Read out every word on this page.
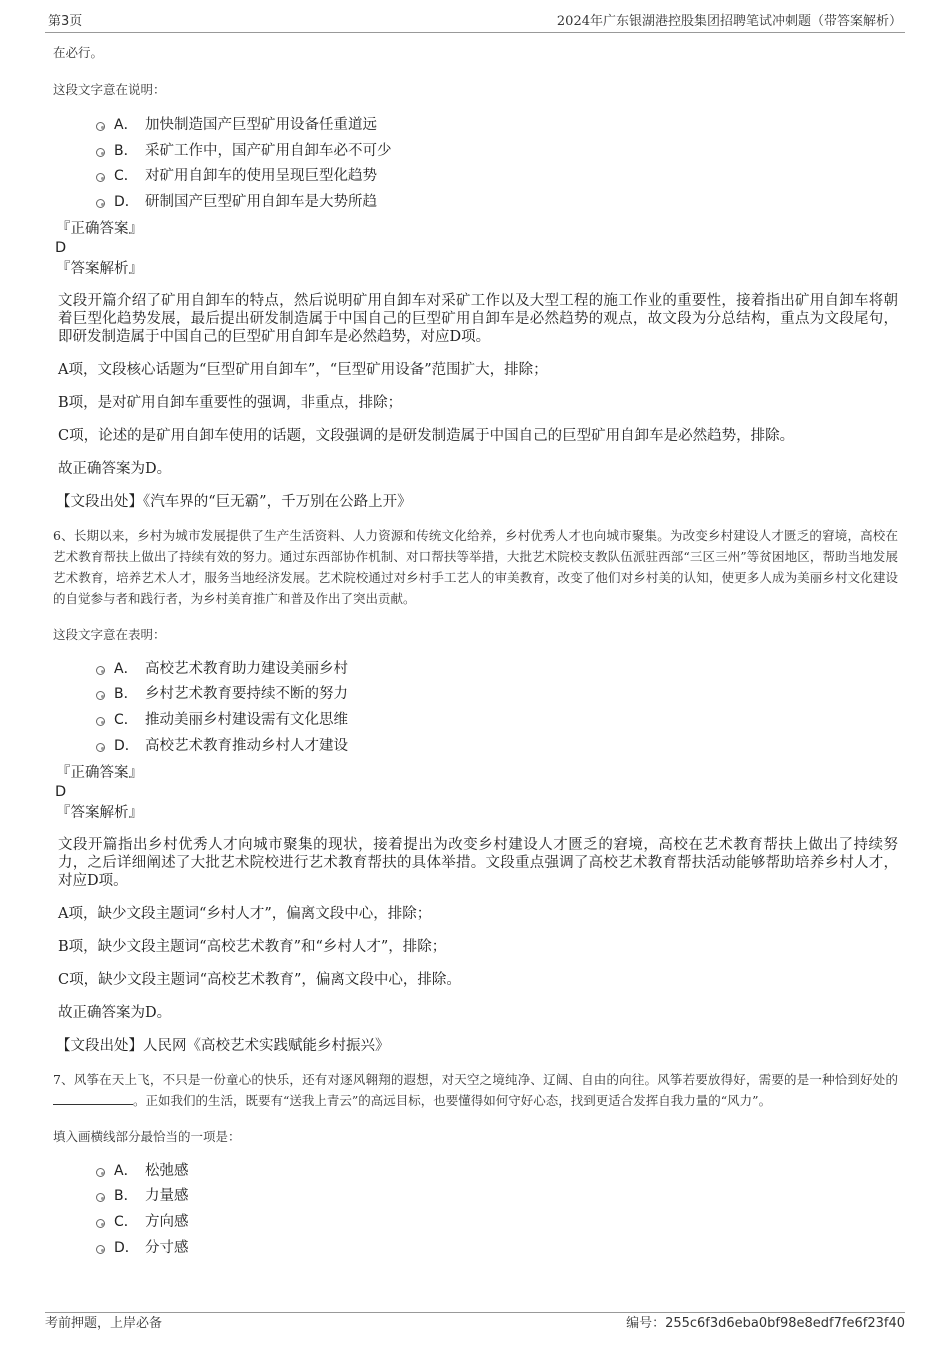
第3页	2024年广东银湖港控股集团招聘笔试冲刺题（带答案解析）

在必行。

这段文字意在说明：

A． 加快制造国产巨型矿用设备任重道远
B． 采矿工作中，国产矿用自卸车必不可少
C． 对矿用自卸车的使用呈现巨型化趋势
D． 研制国产巨型矿用自卸车是大势所趋

『正确答案』

D

『答案解析』

文段开篇介绍了矿用自卸车的特点，然后说明矿用自卸车对采矿工作以及大型工程的施工作业的重要性，接着指出矿用自卸车将朝着巨型化趋势发展，最后提出研发制造属于中国自己的巨型矿用自卸车是必然趋势的观点，故文段为分总结构，重点为文段尾句，即研发制造属于中国自己的巨型矿用自卸车是必然趋势，对应D项。

A项，文段核心话题为“巨型矿用自卸车”，“巨型矿用设备”范围扩大，排除；

B项，是对矿用自卸车重要性的强调，非重点，排除；

C项，论述的是矿用自卸车使用的话题，文段强调的是研发制造属于中国自己的巨型矿用自卸车是必然趋势，排除。

故正确答案为D。

【文段出处】《汽车界的“巨无霸”，千万别在公路上开》

6、长期以来，乡村为城市发展提供了生产生活资料、人力资源和传统文化给养，乡村优秀人才也向城市聚集。为改变乡村建设人才匮乏的窘境，高校在艺术教育帮扶上做出了持续有效的努力。通过东西部协作机制、对口帮扶等举措，大批艺术院校支教队伍派驻西部“三区三州”等贫困地区，帮助当地发展艺术教育，培养艺术人才，服务当地经济发展。艺术院校通过对乡村手工艺人的审美教育，改变了他们对乡村美的认知，使更多人成为美丽乡村文化建设的自觉参与者和践行者，为乡村美育推广和普及作出了突出贡献。

这段文字意在表明：

A． 高校艺术教育助力建设美丽乡村
B． 乡村艺术教育要持续不断的努力
C． 推动美丽乡村建设需有文化思维
D． 高校艺术教育推动乡村人才建设

『正确答案』

D

『答案解析』

文段开篇指出乡村优秀人才向城市聚集的现状，接着提出为改变乡村建设人才匮乏的窘境，高校在艺术教育帮扶上做出了持续努力，之后详细阐述了大批艺术院校进行艺术教育帮扶的具体举措。文段重点强调了高校艺术教育帮扶活动能够帮助培养乡村人才，对应D项。

A项，缺少文段主题词“乡村人才”，偏离文段中心，排除；

B项，缺少文段主题词“高校艺术教育”和“乡村人才”，排除；

C项，缺少文段主题词“高校艺术教育”，偏离文段中心，排除。

故正确答案为D。

【文段出处】人民网《高校艺术实践赋能乡村振兴》

7、风筝在天上飞，不只是一份童心的快乐，还有对逐风翱翔的遐想，对天空之境纯净、辽阔、自由的向往。风筝若要放得好，需要的是一种恰到好处的。正如我们的生活，既要有“送我上青云”的高远目标，也要懂得如何守好心态，找到更适合发挥自我力量的“风力”。

填入画横线部分最恰当的一项是：

A． 松弛感
B． 力量感
C． 方向感
D． 分寸感
考前押题，上岸必备	编号：255c6f3d6eba0bf98e8edf7fe6f23f40
